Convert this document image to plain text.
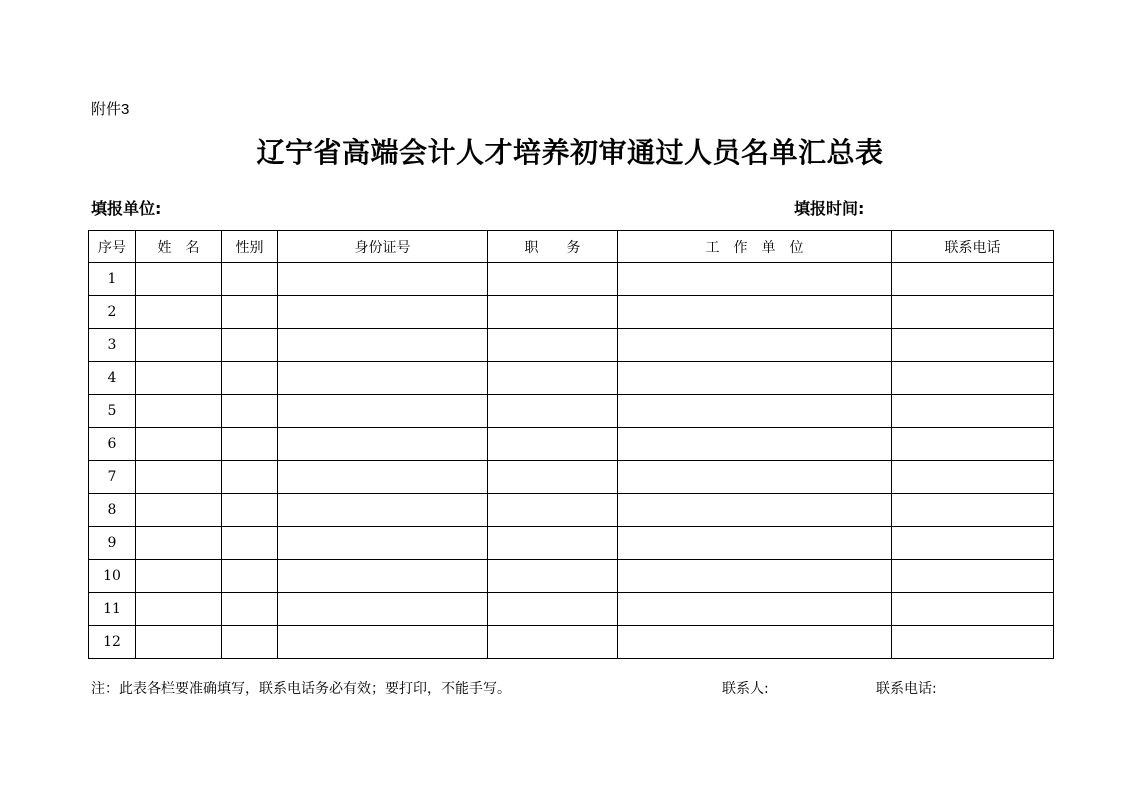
附件3
辽宁省高端会计人才培养初审通过人员名单汇总表
填报单位:	填报时间:
序号	姓　名	性别	身份证号	职　　务	工　作　单　位	联系电话
1						
2						
3						
4						
5						
6						
7						
8						
9						
10						
11						
12						
注：此表各栏要准确填写，联系电话务必有效；要打印，不能手写。	联系人:	联系电话:
